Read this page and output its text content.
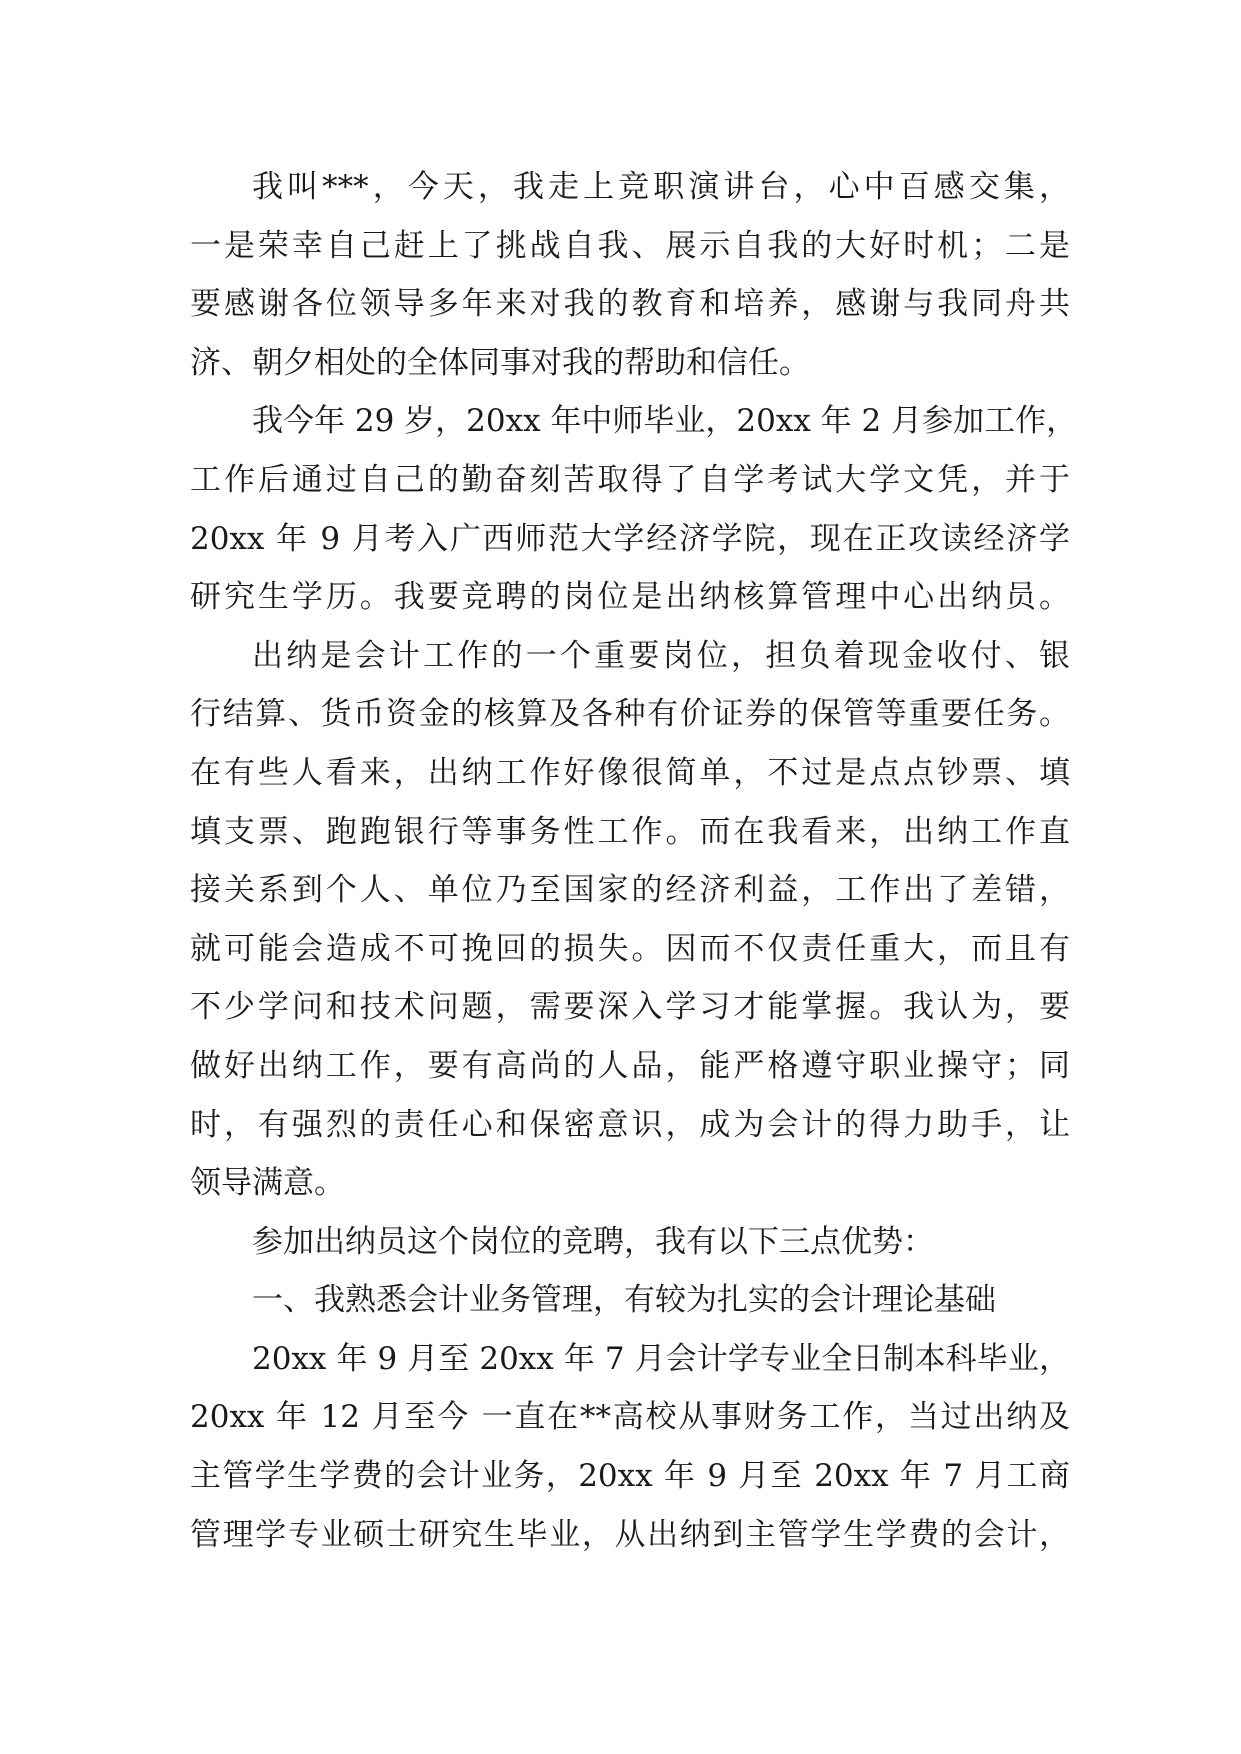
我叫***，今天，我走上竞职演讲台，心中百感交集，
一是荣幸自己赶上了挑战自我、展示自我的大好时机；二是
要感谢各位领导多年来对我的教育和培养，感谢与我同舟共
济、朝夕相处的全体同事对我的帮助和信任。
我今年 29 岁，20xx 年中师毕业，20xx 年 2 月参加工作，
工作后通过自己的勤奋刻苦取得了自学考试大学文凭，并于
20xx 年 9 月考入广西师范大学经济学院，现在正攻读经济学
研究生学历。我要竞聘的岗位是出纳核算管理中心出纳员。
出纳是会计工作的一个重要岗位，担负着现金收付、银
行结算、货币资金的核算及各种有价证券的保管等重要任务。
在有些人看来，出纳工作好像很简单，不过是点点钞票、填
填支票、跑跑银行等事务性工作。而在我看来，出纳工作直
接关系到个人、单位乃至国家的经济利益，工作出了差错，
就可能会造成不可挽回的损失。因而不仅责任重大，而且有
不少学问和技术问题，需要深入学习才能掌握。我认为，要
做好出纳工作，要有高尚的人品，能严格遵守职业操守；同
时，有强烈的责任心和保密意识，成为会计的得力助手，让
领导满意。
参加出纳员这个岗位的竞聘，我有以下三点优势：
一、我熟悉会计业务管理，有较为扎实的会计理论基础
20xx 年 9 月至 20xx 年 7 月会计学专业全日制本科毕业，
20xx 年 12 月至今 一直在**高校从事财务工作，当过出纳及
主管学生学费的会计业务，20xx 年 9 月至 20xx 年 7 月工商
管理学专业硕士研究生毕业，从出纳到主管学生学费的会计，
